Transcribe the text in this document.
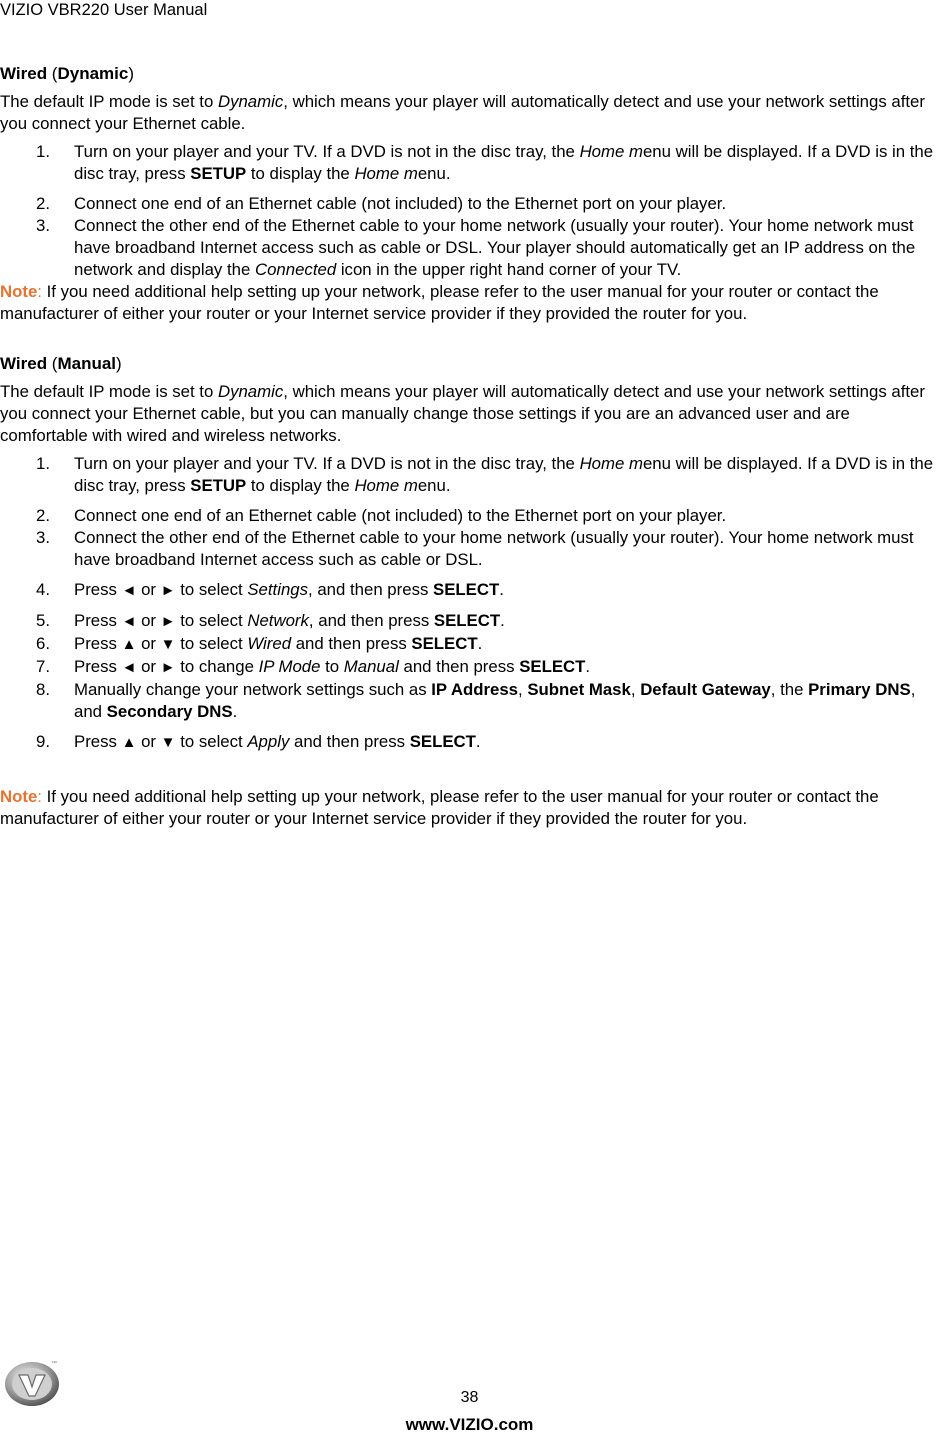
VIZIO VBR220 User Manual
Wired (Dynamic)
The default IP mode is set to Dynamic, which means your player will automatically detect and use your network settings after you connect your Ethernet cable.
1. Turn on your player and your TV. If a DVD is not in the disc tray, the Home menu will be displayed. If a DVD is in the disc tray, press SETUP to display the Home menu.
2. Connect one end of an Ethernet cable (not included) to the Ethernet port on your player.
3. Connect the other end of the Ethernet cable to your home network (usually your router). Your home network must have broadband Internet access such as cable or DSL. Your player should automatically get an IP address on the network and display the Connected icon in the upper right hand corner of your TV.
Note: If you need additional help setting up your network, please refer to the user manual for your router or contact the manufacturer of either your router or your Internet service provider if they provided the router for you.
Wired (Manual)
The default IP mode is set to Dynamic, which means your player will automatically detect and use your network settings after you connect your Ethernet cable, but you can manually change those settings if you are an advanced user and are comfortable with wired and wireless networks.
1. Turn on your player and your TV. If a DVD is not in the disc tray, the Home menu will be displayed. If a DVD is in the disc tray, press SETUP to display the Home menu.
2. Connect one end of an Ethernet cable (not included) to the Ethernet port on your player.
3. Connect the other end of the Ethernet cable to your home network (usually your router). Your home network must have broadband Internet access such as cable or DSL.
4. Press ◄ or ► to select Settings, and then press SELECT.
5. Press ◄ or ► to select Network, and then press SELECT.
6. Press ▲ or ▼ to select Wired and then press SELECT.
7. Press ◄ or ► to change IP Mode to Manual and then press SELECT.
8. Manually change your network settings such as IP Address, Subnet Mask, Default Gateway, the Primary DNS, and Secondary DNS.
9. Press ▲ or ▼ to select Apply and then press SELECT.
Note: If you need additional help setting up your network, please refer to the user manual for your router or contact the manufacturer of either your router or your Internet service provider if they provided the router for you.
™
38
www.VIZIO.com
